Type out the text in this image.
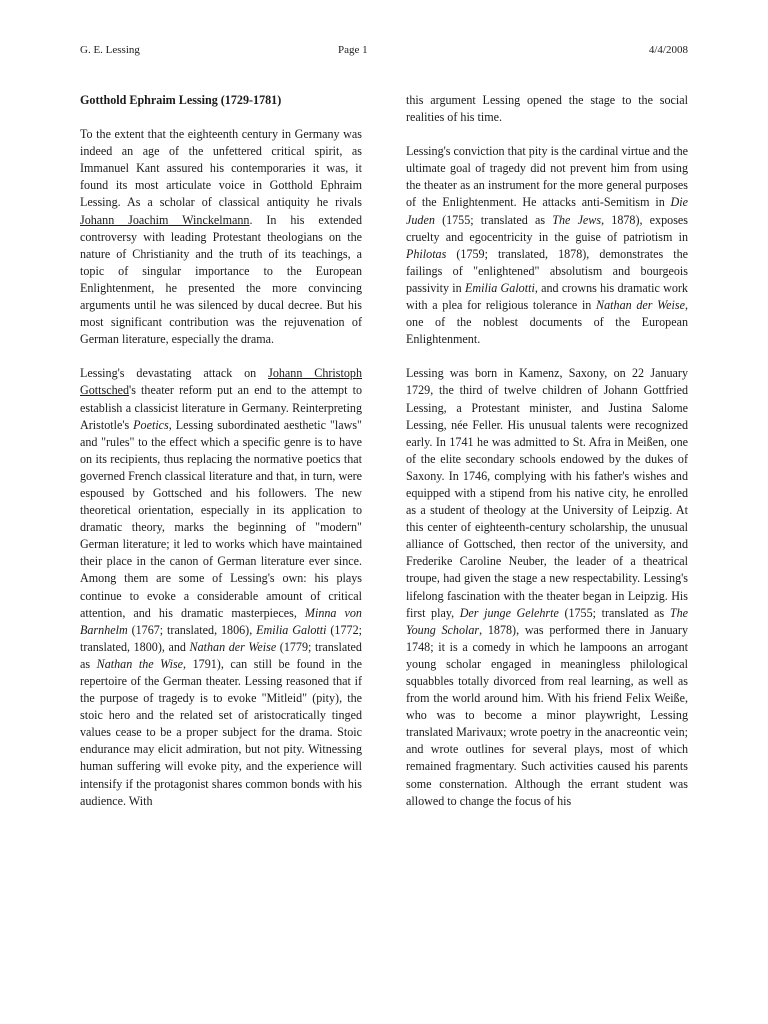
G. E. Lessing	Page 1	4/4/2008

Gotthold Ephraim Lessing (1729-1781)

To the extent that the eighteenth century in Germany was indeed an age of the unfettered critical spirit, as Immanuel Kant assured his contemporaries it was, it found its most articulate voice in Gotthold Ephraim Lessing. As a scholar of classical antiquity he rivals Johann Joachim Winckelmann. In his extended controversy with leading Protestant theologians on the nature of Christianity and the truth of its teachings, a topic of singular importance to the European Enlightenment, he presented the more convincing arguments until he was silenced by ducal decree. But his most significant contribution was the rejuvenation of German literature, especially the drama.

Lessing's devastating attack on Johann Christoph Gottsched's theater reform put an end to the attempt to establish a classicist literature in Germany. Reinterpreting Aristotle's Poetics, Lessing subordinated aesthetic "laws" and "rules" to the effect which a specific genre is to have on its recipients, thus replacing the normative poetics that governed French classical literature and that, in turn, were espoused by Gottsched and his followers. The new theoretical orientation, especially in its application to dramatic theory, marks the beginning of "modern" German literature; it led to works which have maintained their place in the canon of German literature ever since. Among them are some of Lessing's own: his plays continue to evoke a considerable amount of critical attention, and his dramatic masterpieces, Minna von Barnhelm (1767; translated, 1806), Emilia Galotti (1772; translated, 1800), and Nathan der Weise (1779; translated as Nathan the Wise, 1791), can still be found in the repertoire of the German theater. Lessing reasoned that if the purpose of tragedy is to evoke "Mitleid" (pity), the stoic hero and the related set of aristocratically tinged values cease to be a proper subject for the drama. Stoic endurance may elicit admiration, but not pity. Witnessing human suffering will evoke pity, and the experience will intensify if the protagonist shares common bonds with his audience. With

this argument Lessing opened the stage to the social realities of his time.

Lessing's conviction that pity is the cardinal virtue and the ultimate goal of tragedy did not prevent him from using the theater as an instrument for the more general purposes of the Enlightenment. He attacks anti-Semitism in Die Juden (1755; translated as The Jews, 1878), exposes cruelty and egocentricity in the guise of patriotism in Philotas (1759; translated, 1878), demonstrates the failings of "enlightened" absolutism and bourgeois passivity in Emilia Galotti, and crowns his dramatic work with a plea for religious tolerance in Nathan der Weise, one of the noblest documents of the European Enlightenment.

Lessing was born in Kamenz, Saxony, on 22 January 1729, the third of twelve children of Johann Gottfried Lessing, a Protestant minister, and Justina Salome Lessing, née Feller. His unusual talents were recognized early. In 1741 he was admitted to St. Afra in Meißen, one of the elite secondary schools endowed by the dukes of Saxony. In 1746, complying with his father's wishes and equipped with a stipend from his native city, he enrolled as a student of theology at the University of Leipzig. At this center of eighteenth-century scholarship, the unusual alliance of Gottsched, then rector of the university, and Frederike Caroline Neuber, the leader of a theatrical troupe, had given the stage a new respectability. Lessing's lifelong fascination with the theater began in Leipzig. His first play, Der junge Gelehrte (1755; translated as The Young Scholar, 1878), was performed there in January 1748; it is a comedy in which he lampoons an arrogant young scholar engaged in meaningless philological squabbles totally divorced from real learning, as well as from the world around him. With his friend Felix Weiße, who was to become a minor playwright, Lessing translated Marivaux; wrote poetry in the anacreontic vein; and wrote outlines for several plays, most of which remained fragmentary. Such activities caused his parents some consternation. Although the errant student was allowed to change the focus of his
